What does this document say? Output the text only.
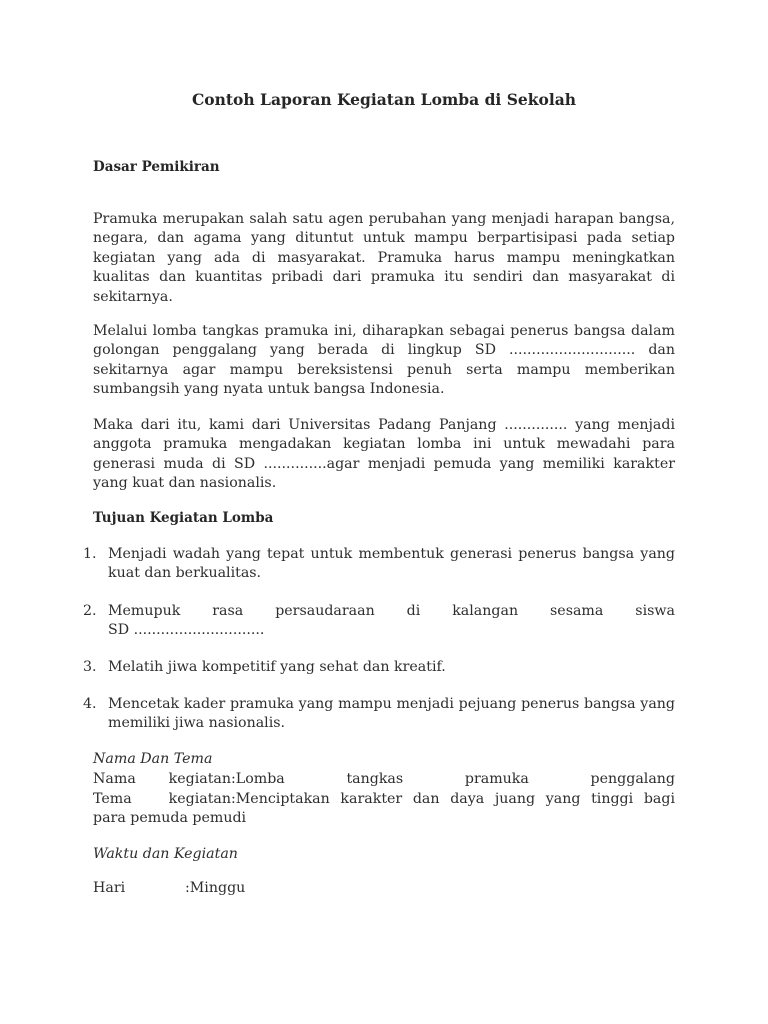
Contoh Laporan Kegiatan Lomba di Sekolah
Dasar Pemikiran
Pramuka merupakan salah satu agen perubahan yang menjadi harapan bangsa, negara, dan agama yang dituntut untuk mampu berpartisipasi pada setiap kegiatan yang ada di masyarakat. Pramuka harus mampu meningkatkan kualitas dan kuantitas pribadi dari pramuka itu sendiri dan masyarakat di sekitarnya.
Melalui lomba tangkas pramuka ini, diharapkan sebagai penerus bangsa dalam golongan penggalang yang berada di lingkup SD ............................ dan sekitarnya agar mampu bereksistensi penuh serta mampu memberikan sumbangsih yang nyata untuk bangsa Indonesia.
Maka dari itu, kami dari Universitas Padang Panjang .............. yang menjadi anggota pramuka mengadakan kegiatan lomba ini untuk mewadahi para generasi muda di SD ..............agar menjadi pemuda yang memiliki karakter yang kuat dan nasionalis.
Tujuan Kegiatan Lomba
1. Menjadi wadah yang tepat untuk membentuk generasi penerus bangsa yang kuat dan berkualitas.
2. Memupuk rasa persaudaraan di kalangan sesama siswa
SD .............................
3. Melatih jiwa kompetitif yang sehat dan kreatif.
4. Mencetak kader pramuka yang mampu menjadi pejuang penerus bangsa yang memiliki jiwa nasionalis.
Nama Dan Tema
Nama kegiatan:Lomba tangkas pramuka penggalang
Tema kegiatan:Menciptakan karakter dan daya juang yang tinggi bagi
para pemuda pemudi
Waktu dan Kegiatan
Hari	:Minggu
